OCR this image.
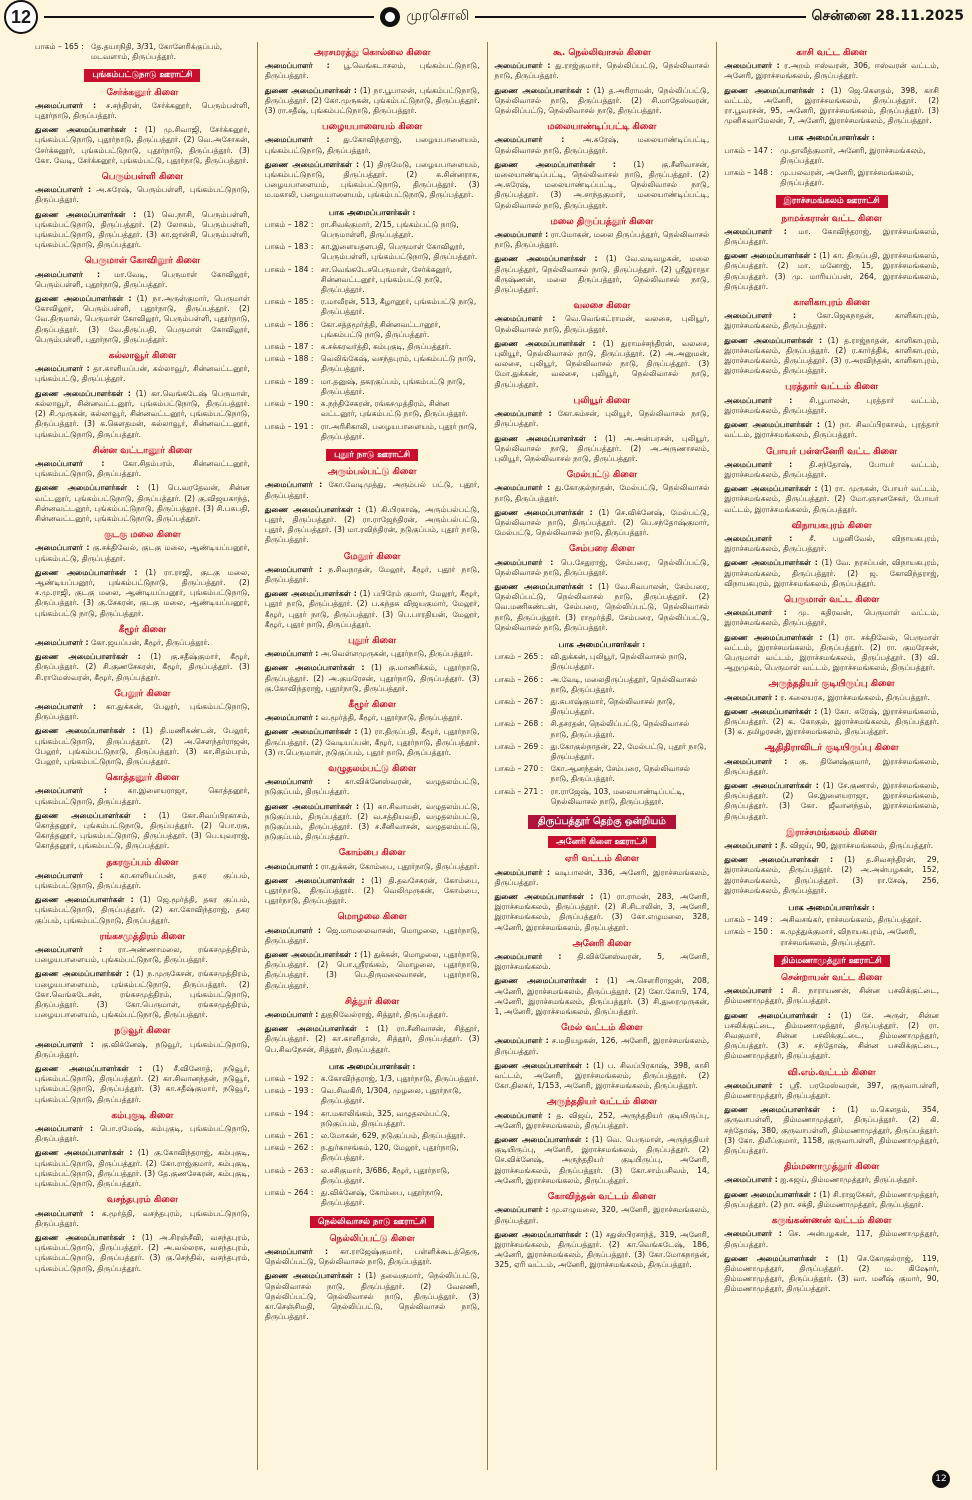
12	முரசொலி	சென்னை 28.11.2025
பாகம் – 165 : தே.தயாநிதி, 3/31, கோனேரிக்குப்பம், மடவளாம், திருப்பத்தூர்.
புங்கம்பட்டுநாடு ஊராட்சி
சேர்க்கனூர் கிளை

அமைப்பாளர் : ச.சந்திரன், சேர்க்கனூர், பெரும்பள்ளி, புதூர்நாடு, திருப்பத்தூர்.

துணை அமைப்பாளர்கள் : (1) மு.சிவாஜி, சேர்க்கனூர், புங்கம்பட்டுநாடு, புதூர்நாடு, திருப்பத்தூர். (2) வெ.அசோகன், சேர்க்கனூர், புங்கம்பட்டுநாடு, புதூர்நாடு, திருப்பத்தூர். (3) கோ. வேடி, சேர்க்கனூர், புங்கம்பட்டு, புதூர்நாடு, திருப்பத்தூர்.

பெரும்பள்ளி கிளை

அமைப்பாளர் : அ.சுரேஷ், பெரும்பள்ளி, புங்கம்பட்டுநாடு, திருப்பத்தூர்.

துணை அமைப்பாளர்கள் : (1) வெ.நாசி, பெரும்பள்ளி, புங்கம்பட்டுநாடு, திருப்பத்தூர். (2) லோகம், பெரும்பள்ளி, புங்கம்பட்டுநாடு, திருப்பத்தூர். (3) கா.ஜான்சி, பெரும்பள்ளி, புங்கம்பட்டுநாடு, திருப்பத்தூர்.

பெருமாள் கோவிலூர் கிளை

அமைப்பாளர் : மா.வேடி, பெருமாள் கோவிலூர், பெரும்பள்ளி, புதூர்நாடு, திருப்பத்தூர்.

துணை அமைப்பாளர்கள் : (1) நா.அருள்குமார், பெருமாள் கோவிலூர், பெரும்பள்ளி, புதூர்நாடு, திருப்பத்தூர். (2) வே.திருமால், பெருமாள் கோவிலூர், பெரும்பள்ளி, புதூர்நாடு, திருப்பத்தூர். (3) வே.திருப்பதி, பெருமாள் கோவிலூர், பெரும்பள்ளி, புதூர்நாடு, திருப்பத்தூர்.

கல்லாவூர் கிளை

அமைப்பாளர் : தா.காளியப்பன், கல்லாவூர், சின்னவட்டனூர், புங்கம்பட்டு, திருப்பத்தூர்.

துணை அமைப்பாளர்கள் : (1) கா.வெங்கடேஷ் பெருமாள், கல்லாவூர், சின்னவட்டனூர், புங்கம்பட்டுநாடு, திருப்பத்தூர். (2) சி.முருகன், கல்லாவூர், சின்னவட்டனூர், புங்கம்பட்டுநாடு, திருப்பத்தூர். (3) க.கௌதமன், கல்லாவூர், சின்னவட்டனூர், புங்கம்பட்டுநாடு, திருப்பத்தூர்.

சின்ன வட்டானூர் கிளை

அமைப்பாளர் : கோ.சிதம்பரம், சின்னவட்டனூர், புங்கம்பட்டுநாடு, திருப்பத்தூர்.

துணை அமைப்பாளர்கள் : (1) பெ.வரதேவன், சின்ன வட்டனூர், புங்கம்பட்டுநாடு, திருப்பத்தூர். (2) கு.விஜயகாந்த், சின்னவட்டனூர், புங்கம்பட்டுநாடு, திருப்பத்தூர். (3) சி.பசுபதி, சின்னவட்டனூர், புங்கம்பட்டுநாடு, திருப்பத்தூர்.

குடகு மலை கிளை

அமைப்பாளர் : கு.சக்திவேல், குடகு மலை, ஆண்டியப்பனூர், புங்கம்பட்டு, திருப்பத்தூர்.

துணை அமைப்பாளர்கள் : (1) ரா.ராஜி, குடகு மலை, ஆண்டியப்பனூர், புங்கம்பட்டுநாடு, திருப்பத்தூர். (2) ச.மு.ராஜி, குடகு மலை, ஆண்டியப்பனூர், புங்கம்பட்டுநாடு, திருப்பத்தூர். (3) கு.சேகரன், குடகு மலை, ஆண்டியப்பனூர், புங்கம்பட்டு நாடு, திருப்பத்தூர்.

கீழூர் கிளை

அமைப்பாளர் : கோ.ஜயப்பன், கீழூர், திருப்பத்தூர்.

துணை அமைப்பாளர்கள் : (1) கு.சதீஷ்குமார், கீழூர், திருப்பத்தூர். (2) சி.குணசேகரன், கீழூர், திருப்பத்தூர். (3) சி.ராமேஸ்வரன், கீழூர், திருப்பத்தூர்.

பேலூர் கிளை

அமைப்பாளர் : கா.துக்கன், பேலூர், புங்கம்பட்டுநாடு, திருப்பத்தூர்.

துணை அமைப்பாளர்கள் : (1) தி.மணிகண்டன், பேலூர், புங்கம்பட்டுநாடு, திருப்பத்தூர். (2) அ.சௌந்தர்ராஜன், பேலூர், புங்கம்பட்டுநாடு, திருப்பத்தூர். (3) கா.சிதம்பரம், பேலூர், புங்கம்பட்டுநாடு, திருப்பத்தூர்.

கொத்தனூர் கிளை

அமைப்பாளர் :	கா.இளையராஜா, கொத்தனூர், புங்கம்பட்டுநாடு, திருப்பத்தூர்.

துணை அமைப்பாளர்கள் : (1) கோ.சிவப்பிரகாசம், கொத்தனூர், புங்கம்பட்டுநாடு, திருப்பத்தூர். (2) பொ.ரகு, கொத்தனூர், புங்கம்பட்டுநாடு, திருப்பத்தூர். (3) பெ.யுவராஜ், கொத்தனூர், புங்கம்பட்டு, திருப்பத்தூர்.

தகரகுப்பம் கிளை

அமைப்பாளர் : கா.காளியப்பன், தகர குப்பம், புங்கம்பட்டுநாடு, திருப்பத்தூர்.

துணை அமைப்பாளர்கள் : (1) ஜெ.மூர்த்தி, தகர குப்பம், புங்கம்பட்டுநாடு, திருப்பத்தூர். (2) கா.கோவிந்தராஜ், தகர குப்பம், புங்கம்பட்டுநாடு, திருப்பத்தூர்.

ரங்கசமுத்திரம் கிளை

அமைப்பாளர் : ரா.அண்ணாமலை, ரங்கசமுத்திரம், பழையபாளையம், புங்கம்பட்டுநாடு, திருப்பத்தூர்.

துணை அமைப்பாளர்கள் : (1) ந.முருகேசன், ரங்கசமுத்திரம், பழையபாளையம், புங்கம்பட்டுநாடு, திருப்பத்தூர். (2) கோ.வெங்கடேசன், ரங்கசமுத்திரம், புங்கம்பட்டுநாடு, திருப்பத்தூர். (3) கோ.பெருமாள், ரங்கசமுத்திரம், பழையபாளையம், புங்கம்பட்டுநாடு, திருப்பத்தூர்.

நடுவூர் கிளை

அமைப்பாளர் : கு.விக்னேஷ், நடுவூர், புங்கம்பட்டுநாடு, திருப்பத்தூர்.

துணை அமைப்பாளர்கள் : (1) சீ.வினோத், நடுவூர், புங்கம்பட்டுநாடு, திருப்பத்தூர். (2) கா.சிவானந்தன், நடுவூர், புங்கம்பட்டுநாடு, திருப்பத்தூர். (3) கா.சதீஷ்குமார், நடுவூர், புங்கம்பட்டுநாடு, திருப்பத்தூர்.

கம்புகுடி கிளை

அமைப்பாளர் : பொ.ரமேஷ், கம்புகுடி, புங்கம்பட்டுநாடு, திருப்பத்தூர்.

துணை அமைப்பாளர்கள் : (1) கு.கோவிந்தராஜ், கம்புகுடி, புங்கம்பட்டுநாடு, திருப்பத்தூர். (2) கோ.ராஜ்குமார், கம்புகுடி, புங்கம்பட்டுநாடு, திருப்பத்தூர். (3) தே.குணசேகரன், கம்புகுடி, புங்கம்பட்டுநாடு, திருப்பத்தூர்.

வசந்தபுரம் கிளை

அமைப்பாளர் : க.மூர்த்தி, வசந்தபுரம், புங்கம்பட்டுநாடு, திருப்பத்தூர்.

துணை அமைப்பாளர்கள் : (1) அ.சிரஞ்சீவி, வசந்தபுரம், புங்கம்பட்டுநாடு, திருப்பத்தூர். (2) அ.வல்லரசு, வசந்தபுரம், புங்கம்பட்டுநாடு, திருப்பத்தூர். (3) கு.செந்தில், வசந்தபுரம், புங்கம்பட்டுநாடு, திருப்பத்தூர்.

அரசமரத்து கொல்லை கிளை

அமைப்பாளர் : பூ.வெங்கடாசலம், புங்கம்பட்டுநாடு, திருப்பத்தூர்.

துணை அமைப்பாளர்கள் : (1) நா.பூபாலன், புங்கம்பட்டுநாடு, திருப்பத்தூர். (2) கோ.முருகன், புங்கம்பட்டுநாடு, திருப்பத்தூர். (3) ரா.சதீஷ், புங்கம்பட்டுநாடு, திருப்பத்தூர்.

பழையபாளையம் கிளை

அமைப்பாளர் : து.கோவிந்தராஜ், பழையபாளையம், புங்கம்பட்டுநாடு, திருப்பத்தூர்.

துணை அமைப்பாளர்கள் : (1) திருமேடு, பழையபாளையம், புங்கம்பட்டுநாடு, திருப்பத்தூர். (2) சு.சின்னராசு, பழையபாளையம், புங்கம்பட்டுநாடு, திருப்பத்தூர். (3) ம.மகாலி, பழையபாளையம், புங்கம்பட்டுநாடு, திருப்பத்தூர்.

பாக அமைப்பாளர்கள் :
பாகம் – 182 : ரா.சிவக்குமார், 2/15, புங்கம்பட்டு நாடு, பெருமாள்ளி, திருப்பத்தூர்.
பாகம் – 183 : கா.இளையதளபதி, பெருமாள் கோவிலூர், பெரும்பள்ளி, புங்கம்பட்டுநாடு, திருப்பத்தூர்.
பாகம் – 184 : சா.வெங்கடேசபெருமாள், சேர்க்கனூர், சின்னவட்டனூர், புங்கம்பட்டு நாடு, திருப்பத்தூர்.
பாகம் – 185 : ர.மாவீரன், 513, கீழானூர், புங்கம்பட்டு நாடு, திருப்பத்தூர்.
பாகம் – 186 : கோ.சத்தமூர்த்தி, சின்னவட்டானூர், புங்கம்பட்டு நாடு, திருப்பத்தூர்.
பாகம் – 187 : க.சக்கரவர்த்தி, கம்புகுடி, திருப்பத்தூர்.
பாகம் – 188 : வெலிங்கேஷ், வசந்தபுரம், புங்கம்பட்டு நாடு, திருப்பத்தூர்.
பாகம் – 189 : மா.தனுஷ், தகரகுப்பம், புங்கம்பட்டு நாடு, திருப்பத்தூர்.
பாகம் – 190 : சு.நந்திசேகரன், ரங்கசமுத்திரம், சின்ன வட்டனூர், புங்கம்பட்டு நாடு, திருப்பத்தூர்.
பாகம் – 191 : ரா.அரிசிகாலி, பழையபாளையம், புதூர் நாடு, திருப்பத்தூர்.
புதூர் நாடு ஊராட்சி
அரும்பல்பட்டு கிளை

அமைப்பாளர் : கோ.வேடிமுத்து, அரும்பல் பட்டு, புதூர், திருப்பத்தூர்.

துணை அமைப்பாளர்கள் : (1) கி.பிரகாஷ், அரும்பல்பட்டு, புதூர், திருப்பத்தூர். (2) ரா.ராஜேந்திரன், அரும்பல்பட்டு, புதூர், திருப்பத்தூர். (3) மா.ரவிந்திரன், நடுகுப்பம், புதூர் நாடு, திருப்பத்தூர்.

மேலூர் கிளை

அமைப்பாளர் : ந.சிவநாதன், மேலூர், கீழூர், புதூர் நாடு, திருப்பத்தூர்.

துணை அமைப்பாளர்கள் : (1) பபிரேம் குமார், மேலூர், கீழூர், புதூர் நாடு, திருப்பத்தூர். (2) ப.கந்தசு விஜயகுமார், மேலூர், கீழூர், புதூர் நாடு, திருப்பத்தூர். (3) பெ.பாரதியன், மேலூர், கீழூர், புதூர் நாடு, திருப்பத்தூர்.

புதூர் கிளை

அமைப்பாளர் : அ.வெள்ளமுருகன், புதூர்நாடு, திருப்பத்தூர்.

துணை அமைப்பாளர்கள் : (1) கு.மாணிக்கம், புதூர்நாடு, திருப்பத்தூர். (2) அ.குமரேசன், புதூர்நாடு, திருப்பத்தூர். (3) கு.கோவிந்தராஜ், புதூர்நாடு, திருப்பத்தூர்.

கீழூர் கிளை

அமைப்பாளர் : வ.மூர்த்தி, கீழூர், புதூர்நாடு, திருப்பத்தூர்.

துணை அமைப்பாளர்கள் : (1) ரா.திருப்பதி, கீழூர், புதூர்நாடு, திருப்பத்தூர். (2) வேடியப்பன், கீழூர், புதூர்நாடு, திருப்பத்தூர். (3) ஈ.பெருமாள், நடுகுப்பம், புதூர் நாடு, திருப்பத்தூர்.

வழுதலம்பட்டு கிளை

அமைப்பாளர் : கா.விக்னேஸ்வரன், வழுதலம்பட்டு, நடுகுப்பம், திருப்பத்தூர்.

துணை அமைப்பாளர்கள் : (1) கா.சிவாமன், வழுதலம்பட்டு, நடுகுப்பம், திருப்பத்தூர். (2) வ.சத்தியவதி, வழுதலம்பட்டு, நடுகுப்பம், திருப்பத்தூர். (3) ச.சீனிவாசன், வழுதலம்பட்டு, நடுகுப்பம், திருப்பத்தூர்.

கோம்பை கிளை

அமைப்பாளர் : ரா.துக்கன், கோம்பை, புதூர்நாடு, திருப்பத்தூர்.

துணை அமைப்பாளர்கள் : (1) தி.தவசேகரன், கோம்பை, புதூர்நாடு, திருப்பத்தூர். (2) வெலிமுருகன், கோம்பை, புதூர்நாடு, திருப்பத்தூர்.

மொழலை கிளை

அமைப்பாளர் : ஜெ.மாமலைவாசன், மொழலை, புதூர்நாடு, திருப்பத்தூர்.

துணை அமைப்பாளர்கள் : (1) துக்கன், மொழலை, புதூர்நாடு, திருப்பத்தூர். (2) பொ.ஸ்ரீரங்கம், மொழலை, புதூர்நாடு, திருப்பத்தூர். (3) பெ.திருமலைவாசன், புதூர்நாடு, திருப்பத்தூர்.

சித்தூர் கிளை

அமைப்பாளர் : துதநிவேல்ராஜ், சித்தூர், திருப்பத்தூர்.

துணை அமைப்பாளர்கள் : (1) ரா.சீனிவாசன், சித்தூர், திருப்பத்தூர். (2) கா.காளிதாஸ், சித்தூர், திருப்பத்தூர். (3) பெ.சிவநேசன், சித்தூர், திருப்பத்தூர்.

பாக அமைப்பாளர்கள் :
பாகம் – 192 : க.கோவிந்தராஜ், 1/3, புதூர்நாடு, திருப்பத்தூர்.
பாகம் – 193 : வெ.சிவகிரி, 1/304, முழலை, புதூர்நாடு, திருப்பத்தூர்.
பாகம் – 194 : கா.மகாலிங்கம், 325, வழுதலம்பட்டு, நடுகுப்பம், திருப்பத்தூர்.
பாகம் – 261 : ல.மோகன், 629, நடுகுப்பம், திருப்பத்தூர்.
பாகம் – 262 : ந.துர்காசங்கம், 120, மேலூர், புதூர்நாடு, திருப்பத்தூர்.
பாகம் – 263 : ல.சசிகுமார், 3/686, கீழூர், புதூர்நாடு, திருப்பத்தூர்.
பாகம் – 264 : து.விக்னேஷ், கோம்பை, புதூர்நாடு, திருப்பத்தூர்.
நெல்லிவாசல் நாடு ஊராட்சி
நெல்லிப்பட்டு கிளை

அமைப்பாளர் : கா.ராஜேஷ்குமார், பள்ளிக்கூடத்தெரு, நெல்லிப்பட்டு, நெல்லிவாசல் நாடு, திருப்பத்தூர்.

துணை அமைப்பாளர்கள் : (1) தவைகுமார், நெல்லிப்பட்டு, நெல்லிவாசல் நாடு, திருப்பத்தூர். (2) வேலணி, நெல்லிப்பட்டு, நெல்லிவாசல் நாடு, திருப்பத்தூர். (3) கா.செஞ்சிமதி, நெல்லிப்பட்டு, நெல்லிவாசல் நாடு, திருப்பத்தூர்.

கூ. நெல்லிவாசல் கிளை

அமைப்பாளர் : து.ராஜ்குமார், நெல்லிப்பட்டு, நெல்லிவாசல் நாடு, திருப்பத்தூர்.

துணை அமைப்பாளர்கள் : (1) த.அரிராமன், நெல்லிப்பட்டு, நெல்லிவாசல் நாடு, திருப்பத்தூர். (2) சி.மாதேஸ்வரன், நெல்லிப்பட்டு, நெல்லிவாசல் நாடு, திருப்பத்தூர்.

மலையாண்டிப்பட்டி கிளை

அமைப்பாளர் : அ.சுரேஷ், மலையாண்டிப்பட்டி, நெல்லிவாசல் நாடு, திருப்பத்தூர்.

துணை அமைப்பாளர்கள் : (1) கு.சீனிவாசன், மலையாண்டிப்பட்டி, நெல்லிவாசல் நாடு, திருப்பத்தூர். (2) அ.சுரேஷ், மலையாண்டிப்பட்டி, நெல்லிவாசல் நாடு, திருப்பத்தூர். (3) அ.சாந்தகுமார், மலையாண்டிப்பட்டி, நெல்லிவாசல் நாடு, திருப்பத்தூர்.

மலை திருப்பத்தூர் கிளை

அமைப்பாளர் : ரா.மோகன், மலை திருப்பத்தூர், நெல்லிவாசல் நாடு, திருப்பத்தூர்.

துணை அமைப்பாளர்கள் : (1) வே.வடிவழகன், மலை திருப்பத்தூர், நெல்லிவாசல் நாடு, திருப்பத்தூர். (2) ஸ்ரீஇராதா கிருஷ்ணன், மலை திருப்பத்தூர், நெல்லிவாசல் நாடு, திருப்பத்தூர்.

வலசை கிளை

அமைப்பாளர் : வெ.வெங்கட்ராமன், வலசை, புலியூர், நெல்லிவாசல் நாடு, திருப்பத்தூர்.

துணை அமைப்பாளர்கள் : (1) துராமச்சந்திரன், வலசை, புலியூர், நெல்லிவாசல் நாடு, திருப்பத்தூர். (2) அ.அனுமன், வலசை, புலியூர், நெல்லிவாசல் நாடு, திருப்பத்தூர். (3) மோ.துக்கன், வலசை, புலியூர், நெல்லிவாசல் நாடு, திருப்பத்தூர்.

புலியூர் கிளை

அமைப்பாளர் : கோ.கம்சன், புலியூர், நெல்லிவாசல் நாடு, திருப்பத்தூர்.

துணை அமைப்பாளர்கள் : (1) அ.அன்பரசன், புலியூர், நெல்லிவாசல் நாடு, திருப்பத்தூர். (2) அ.அருணாசலம், புலியூர், நெல்லிவாசல் நாடு, திருப்பத்தூர்.

மேல்பட்டு கிளை

அமைப்பாளர் : து.கோகுல்நாதன், மேல்பட்டு, நெல்லிவாசல் நாடு, திருப்பத்தூர்.

துணை அமைப்பாளர்கள் : (1) செ.விக்னேஷ், மேல்பட்டு, நெல்லிவாசல் நாடு, திருப்பத்தூர். (2) பெ.சந்தோஷ்குமார், மேல்பட்டு, நெல்லிவாசல் நாடு, திருப்பத்தூர்.

சேம்பரை கிளை

அமைப்பாளர் : பெ.சேதுராஜ், சேம்பரை, நெல்லிப்பட்டு, நெல்லிவாசல் நாடு, திருப்பத்தூர்.

துணை அமைப்பாளர்கள் : (1) வே.சிவபாலன், சேம்பரை, நெல்லிப்பட்டு, நெல்லிவாசல் நாடு, திருப்பத்தூர். (2) வெ.மணிகண்டன், சேம்பரை, நெல்லிப்பட்டு, நெல்லிவாசல் நாடு, திருப்பத்தூர். (3) ராமூர்த்தி, சேம்பரை, நெல்லிப்பட்டு, நெல்லிவாசல் நாடு, திருப்பத்தூர்.

பாக அமைப்பாளர்கள் :
பாகம் – 265 : வி.துக்கன், புலியூர், நெல்லிவாசல் நாடு, திருப்பத்தூர்.
பாகம் – 266 : அ.வேடி, மலைதிருப்பத்தூர், நெல்லிவாசல் நாடு, திருப்பத்தூர்.
பாகம் – 267 : து.சுபாஷ்குமார், நெல்லிவாசல் நாடு, திருப்பத்தூர்.
பாகம் – 268 : சி.தசரதன், நெல்லிப்பட்டு, நெல்லிவாசல் நாடு, திருப்பத்தூர்.
பாகம் – 269 : து.கோகுல்நாதன், 22, மேல்பட்டு, புதூர் நாடு, திருப்பத்தூர்.
பாகம் – 270 : கோ.ஆனந்தன், சேம்பரை, நெல்லிவாசல் நாடு, திருப்பத்தூர்.
பாகம் – 271 : ரா.ராஜேஷ், 103, மலையாண்டிப்பட்டி, நெல்லிவாசல் நாடு, திருப்பத்தூர்.
திருப்பத்தூர் தெற்கு ஒன்றியம்
அனேரி கிளை ஊராட்சி
ஏரி வட்டம் கிளை

அமைப்பாளர் : வடிபாலன், 336, அனேரி, இராச்சமங்கலம், திருப்பத்தூர்.

துணை அமைப்பாளர்கள் : (1) ரா.ராமன், 283, அனேரி, இராச்சமங்கலம், திருப்பத்தூர். (2) சி.சிடாலின், 3, அனேரி, இராச்சமங்கலம், திருப்பத்தூர். (3) கோ.எழுமலை, 328, அனேரி, இராச்சமங்கலம், திருப்பத்தூர்.

அனேரி கிளை

அமைப்பாளர் : தி.விக்னேஸ்வரன், 5, அனேரி, இராச்சமங்கலம்.

துணை அமைப்பாளர்கள் : (1) அ.சௌரிராஜன், 208, அனேரி, இராச்சமங்கலம், திருப்பத்தூர். (2) கோ.கோபி, 174, அனேரி, இராச்சமங்கலம், திருப்பத்தூர். (3) சி.துரைமுருகன், 1, அனேரி, இராச்சமங்கலம், திருப்பத்தூர்.

மேல் வட்டம் கிளை

அமைப்பாளர் : ச.மதியழகன், 126, அனேரி, இராச்சமங்கலம், திருப்பத்தூர்.

துணை அமைப்பாளர்கள் : (1) ப. சிவப்பிரகாஷ், 398, காசி வட்டம், அனேரி, இராச்சமங்கலம், திருப்பத்தூர். (2) கோ.திலகர், 1/153, அனேரி, இராச்சமங்கலம், திருப்பத்தூர்.

அருந்ததியர் வட்டம் கிளை

அமைப்பாளர் : த. விஜய், 252, அருந்ததியர் குடியிருப்பு, அனேரி, இராச்சமங்கலம், திருப்பத்தூர்.

துணை அமைப்பாளர்கள் : (1) வெ. பெருமாள், அருந்ததியர் குடியிருப்பு, அனேரி, இராச்சமங்கலம், திருப்பத்தூர். (2) செ.விக்னேஷ், அருந்ததியர் குடியிருப்பு, அனேரி, இராச்சமங்கலம், திருப்பத்தூர். (3) கோ.சாம்பசிவம், 14, அனேரி, இராச்சமங்கலம், திருப்பத்தூர்.

கோவிந்தன் வட்டம் கிளை

அமைப்பாளர் : மு.எழுமலை, 320, அனேரி, இராச்சமங்கலம், திருப்பத்தூர்.

துணை அமைப்பாளர்கள் : (1) சதுஸ்பிரசாந்த், 319, அனேரி, இராச்சமங்கலம், திருப்பத்தூர். (2) கா.வெங்கடேஷ், 186, அனேரி, இராச்சமங்கலம், திருப்பத்தூர். (3) கோ.மோகநாதன், 325, ஏரி வட்டம், அனேரி, இராச்சமங்கலம், திருப்பத்தூர்.

காசி வட்ட கிளை

அமைப்பாளர் : ர.அறம் ஈஸ்வரன், 306, ஈஸ்வரன் வட்டம், அனேரி, இராச்சமங்கலம், திருப்பத்தூர்.

துணை அமைப்பாளர்கள் : (1) ஜெ.கௌதம், 398, காசி வட்டம், அனேரி, இராச்சமங்கலம், திருப்பத்தூர். (2) ரா.பூவரசன், 95, அனேரி, இராச்சமங்கலம், திருப்பத்தூர். (3) முனிசுவாமேலன், 7, அனேரி, இராச்சமங்கலம், திருப்பத்தூர்.

பாக அமைப்பாளர்கள் :
பாகம் – 147 : மு.தாவீத்குமார், அனேரி, இராச்சமங்கலம், திருப்பத்தூர்.
பாகம் – 148 : மு.பலவரன், அனேரி, இராச்சமங்கலம், திருப்பத்தூர்.
இராச்சமங்கலம் ஊராட்சி
நாமக்கரான் வட்ட கிளை

அமைப்பாளர் : மா. கோவிந்தராஜ், இராச்சமங்கலம், திருப்பத்தூர்.

துணை அமைப்பாளர்கள் : (1) கா. திருப்பதி, இராச்சமங்கலம், திருப்பத்தூர். (2) மா. மனோஜ், 15, இராச்சமங்கலம், திருப்பத்தூர். (3) மு. மாரியப்பன், 264, இராச்சமங்கலம், திருப்பத்தூர்.

காளிகாபுரம் கிளை

அமைப்பாளர் :	கோ.ஜெகநாதன், காளிகாபுரம், இராச்சமங்கலம், திருப்பத்தூர்.

துணை அமைப்பாளர்கள் : (1) த.ராஜ்நாதன், காளிகாபுரம், இராச்சமங்கலம், திருப்பத்தூர். (2) ர.கார்த்திக், காளிகாபுரம், இராச்சமங்கலம், திருப்பத்தூர். (3) ர.அரவிந்தன், காளிகாபுரம், இராச்சமங்கலம், திருப்பத்தூர்.

புரத்தார் வட்டம் கிளை

அமைப்பாளர் : சி.பூபாலன், புரத்தார் வட்டம், இராச்சமங்கலம், திருப்பத்தூர்.

துணை அமைப்பாளர்கள் : (1) நா. சிவப்பிரகாசம், புரத்தார் வட்டம், இராச்சமங்கலம், திருப்பத்தூர்.

போயர் பள்ளனேரி வட்ட கிளை

அமைப்பாளர் : தி.சந்தோஷ், போயர் வட்டம், இராச்சமங்கலம், திருப்பத்தூர்.

துணை அமைப்பாளர்கள் : (1) ரா. முருகன், போயர் வட்டம், இராச்சமங்கலம், திருப்பத்தூர். (2) மோ.ஞானசேகர், போயர் வட்டம், இராச்சமங்கலம், திருப்பத்தூர்.

விநாயகபுரம் கிளை

அமைப்பாளர் : சீ. பழனிவேல், விநாயகபுரம், இராச்சமங்கலம், திருப்பத்தூர்.

துணை அமைப்பாளர்கள் : (1) வே. நரசப்பன், விநாயகபுரம், இராச்சமங்கலம், திருப்பத்தூர். (2) ஜ. கோவிந்தராஜ், விநாயகபுரம், இராச்சமங்கலம், திருப்பத்தூர்.

பெருமாள் வட்ட கிளை

அமைப்பாளர் : மு. கதிரவன், பெருமாள் வட்டம், இராச்சமங்கலம், திருப்பத்தூர்.

துணை அமைப்பாளர்கள் : (1) ரா. சக்திவேல், பெருமாள் வட்டம், இராச்சமங்கலம், திருப்பத்தூர். (2) ரா. குமரேசன், பெருமாள் வட்டம், இராச்சமங்கலம், திருப்பத்தூர். (3) வி. ஆறுமுகம், பெருமாள் வட்டம், இராச்சமங்கலம், திருப்பத்தூர்.

அருந்ததியர் குடியிருப்பு கிளை

அமைப்பாளர் : ர. கலையரசு, இராச்சமங்கலம், திருப்பத்தூர்.

துணை அமைப்பாளர்கள் : (1) கோ. சுரேஷ், இராச்சமங்கலம், திருப்பத்தூர். (2) க. கோகுல், இராச்சமங்கலம், திருப்பத்தூர். (3) க. தமிழரசன், இராச்சமங்கலம், திருப்பத்தூர்.

ஆதிதிராவிடர் குடியிருப்பு கிளை

அமைப்பாளர் : கு. தினேஷ்குமார், இராச்சமங்கலம், திருப்பத்தூர்.

துணை அமைப்பாளர்கள் : (1) சே.குணால், இராச்சமங்கலம், திருப்பத்தூர். (2) செ.இளையராஜா, இராச்சமங்கலம், திருப்பத்தூர். (3) கோ. ஜீவானந்தம், இராச்சமங்கலம், திருப்பத்தூர்.

இராச்சமங்கலம் கிளை

அமைப்பாளர் : நீ. விஜய், 90, இராச்சமங்கலம், திருப்பத்தூர்.

துணை அமைப்பாளர்கள் : (1) த.சிவசந்திரன், 29, இராச்சமங்கலம், திருப்பத்தூர். (2) அ.அன்பழகன், 152, இராச்சமங்கலம், திருப்பத்தூர். (3) ரா.சேஷ், 256, இராச்சமங்கலம், திருப்பத்தூர்.

பாக அமைப்பாளர்கள் :
பாகம் – 149 : அசிவசங்கர், ராச்சமங்கலம், திருப்பத்தூர்.
பாகம் – 150 : க.முத்துக்குமார், விநாயகபுரம், அனேரி, ராச்சமங்கலம், திருப்பத்தூர்.
திம்மணாமுத்தூர் ஊராட்சி
சென்றாயன் வட்ட கிளை

அமைப்பாளர் : சி. நாராயணன், சின்ன பசலிக்குட்டை, திம்மணாமுத்தூர், திருப்பத்தூர்.

துணை அமைப்பாளர்கள் : (1) சே. அருள், சின்ன பசலிக்குட்டை, திம்மணாமுத்தூர், திருப்பத்தூர். (2) ரா. சிவகுமார், சின்ன பசலிக்குட்டை, திம்மணாமுத்தூர், திருப்பத்தூர். (3) ச. சந்தோஷ், சின்ன பசலிக்குட்டை, திம்மணாமுத்தூர், திருப்பத்தூர்.

வி.எம்.வட்டம் கிளை

அமைப்பாளர் : ஸ்ரீ. பரமேஸ்வரன், 397, குருவாபள்ளி, திம்மணாமுத்தூர், திருப்பத்தூர்.

துணை அமைப்பாளர்கள் : (1) ம.கௌதம், 354, குருவாபள்ளி, திம்மணாமுத்தூர், திருப்பத்தூர். (2) கி. சந்தோஷ், 380, குருவாபள்ளி, திம்மணாமுத்தூர், திருப்பத்தூர். (3) கோ. திலீப்குமார், 1158, குருவாபள்ளி, திம்மணாமுத்தூர், திருப்பத்தூர்.

திம்மணாமுத்தூர் கிளை

அமைப்பாளர் : ஐ.சுஜய், திம்மணாமுத்தூர், திருப்பத்தூர்.

துணை அமைப்பாளர்கள் : (1) சி.ராஜசேகர், திம்மணாமுத்தூர், திருப்பத்தூர். (2) நா. சக்தி, திம்மணாமுத்தூர், திருப்பத்தூர்.

கருங்கண்ணன் வட்டம் கிளை

அமைப்பாளர் : செ. அன்பழகன், 117, திம்மணாமுத்தூர், திருப்பத்தூர்.

துணை அமைப்பாளர்கள் : (1) செ.கோகுல்ராஜ், 119, திம்மணாமுத்தூர், திருப்பத்தூர். (2) ம. கிஷோர், திம்மணாமுத்தூர், திருப்பத்தூர். (3) வா. மனீஷ் குமார், 90, திம்மணாமுத்தூர், திருப்பத்தூர்.

12
